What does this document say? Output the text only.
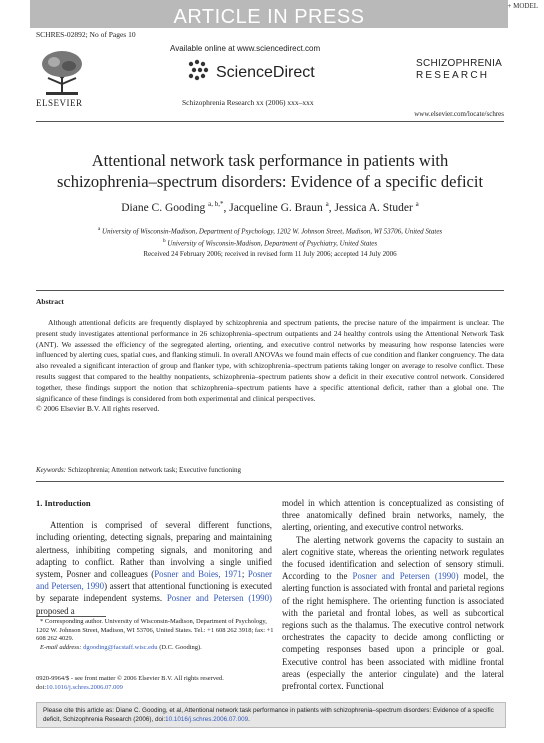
ARTICLE IN PRESS	+ MODEL
SCHRES-02892; No of Pages 10
ELSEVIER
Available online at www.sciencedirect.com
ScienceDirect
Schizophrenia Research xx (2006) xxx–xxx
SCHIZOPHRENIA
RESEARCH
www.elsevier.com/locate/schres
Attentional network task performance in patients with
schizophrenia–spectrum disorders: Evidence of a specific deficit
Diane C. Gooding $^{a, b,*}$, Jacqueline G. Braun $^a$, Jessica A. Studer $^a$
$^a$ University of Wisconsin-Madison, Department of Psychology, 1202 W. Johnson Street, Madison, WI 53706, United States
$^b$ University of Wisconsin-Madison, Department of Psychiatry, United States
Received 24 February 2006; received in revised form 11 July 2006; accepted 14 July 2006
Abstract
Although attentional deficits are frequently displayed by schizophrenia and spectrum patients, the precise nature of the impairment is unclear. The present study investigates attentional performance in 26 schizophrenia–spectrum outpatients and 24 healthy controls using the Attentional Network Task (ANT). We assessed the efficiency of the segregated alerting, orienting, and executive control networks by measuring how response latencies were influenced by alerting cues, spatial cues, and flanking stimuli. In overall ANOVAs we found main effects of cue condition and flanker congruency. The data also revealed a significant interaction of group and flanker type, with schizophrenia–spectrum patients taking longer on average to resolve conflict. These results suggest that compared to the healthy nonpatients, schizophrenia–spectrum patients show a deficit in their executive control network. Considered together, these findings support the notion that schizophrenia–spectrum patients have a specific attentional deficit, rather than a global one. The significance of these findings is considered from both experimental and clinical perspectives.
© 2006 Elsevier B.V. All rights reserved.
Keywords: Schizophrenia; Attention network task; Executive functioning
1. Introduction

Attention is comprised of several different functions, including orienting, detecting signals, preparing and maintaining alertness, inhibiting competing signals, and monitoring and adapting to conflict. Rather than involving a single unified system, Posner and colleagues (Posner and Boies, 1971; Posner and Petersen, 1990) assert that attentional functioning is executed by separate independent systems. Posner and Petersen (1990) proposed a

* Corresponding author. University of Wisconsin-Madison, Department of Psychology, 1202 W. Johnson Street, Madison, WI 53706, United States. Tel.: +1 608 262 3918; fax: +1 608 262 4029.
E-mail address: dgooding@facstaff.wisc.edu (D.C. Gooding).
0920-9964/$ - see front matter © 2006 Elsevier B.V. All rights reserved.
doi:10.1016/j.schres.2006.07.009

model in which attention is conceptualized as consisting of three anatomically defined brain networks, namely, the alerting, orienting, and executive control networks.

The alerting network governs the capacity to sustain an alert cognitive state, whereas the orienting network regulates the focused identification and selection of sensory stimuli. According to the Posner and Petersen (1990) model, the alerting function is associated with frontal and parietal regions of the right hemisphere. The orienting function is associated with the parietal and frontal lobes, as well as subcortical regions such as the thalamus. The executive control network orchestrates the capacity to decide among conflicting or competing responses based upon a principle or goal. Executive control has been associated with midline frontal areas (especially the anterior cingulate) and the lateral prefrontal cortex. Functional

Please cite this article as: Diane C. Gooding, et al, Attentional network task performance in patients with schizophrenia–spectrum disorders: Evidence of a specific deficit, Schizophrenia Research (2006), doi:10.1016/j.schres.2006.07.009.
